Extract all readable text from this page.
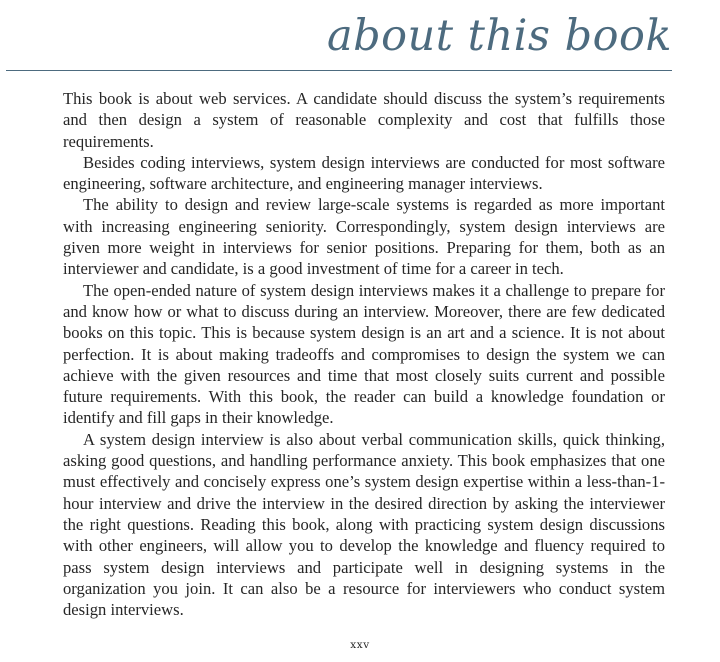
about this book

This book is about web services. A candidate should discuss the system’s requirements and then design a system of reasonable complexity and cost that fulfills those requirements.

Besides coding interviews, system design interviews are conducted for most software engineering, software architecture, and engineering manager interviews.

The ability to design and review large-scale systems is regarded as more important with increasing engineering seniority. Correspondingly, system design interviews are given more weight in interviews for senior positions. Preparing for them, both as an interviewer and candidate, is a good investment of time for a career in tech.

The open-ended nature of system design interviews makes it a challenge to prepare for and know how or what to discuss during an interview. Moreover, there are few dedicated books on this topic. This is because system design is an art and a science. It is not about perfection. It is about making tradeoffs and compromises to design the system we can achieve with the given resources and time that most closely suits current and possible future requirements. With this book, the reader can build a knowledge foundation or identify and fill gaps in their knowledge.

A system design interview is also about verbal communication skills, quick thinking, asking good questions, and handling performance anxiety. This book emphasizes that one must effectively and concisely express one’s system design expertise within a less-than-1-hour interview and drive the interview in the desired direction by asking the interviewer the right questions. Reading this book, along with practicing system design discussions with other engineers, will allow you to develop the knowledge and fluency required to pass system design interviews and participate well in designing systems in the organization you join. It can also be a resource for interviewers who conduct system design interviews.

xxv
